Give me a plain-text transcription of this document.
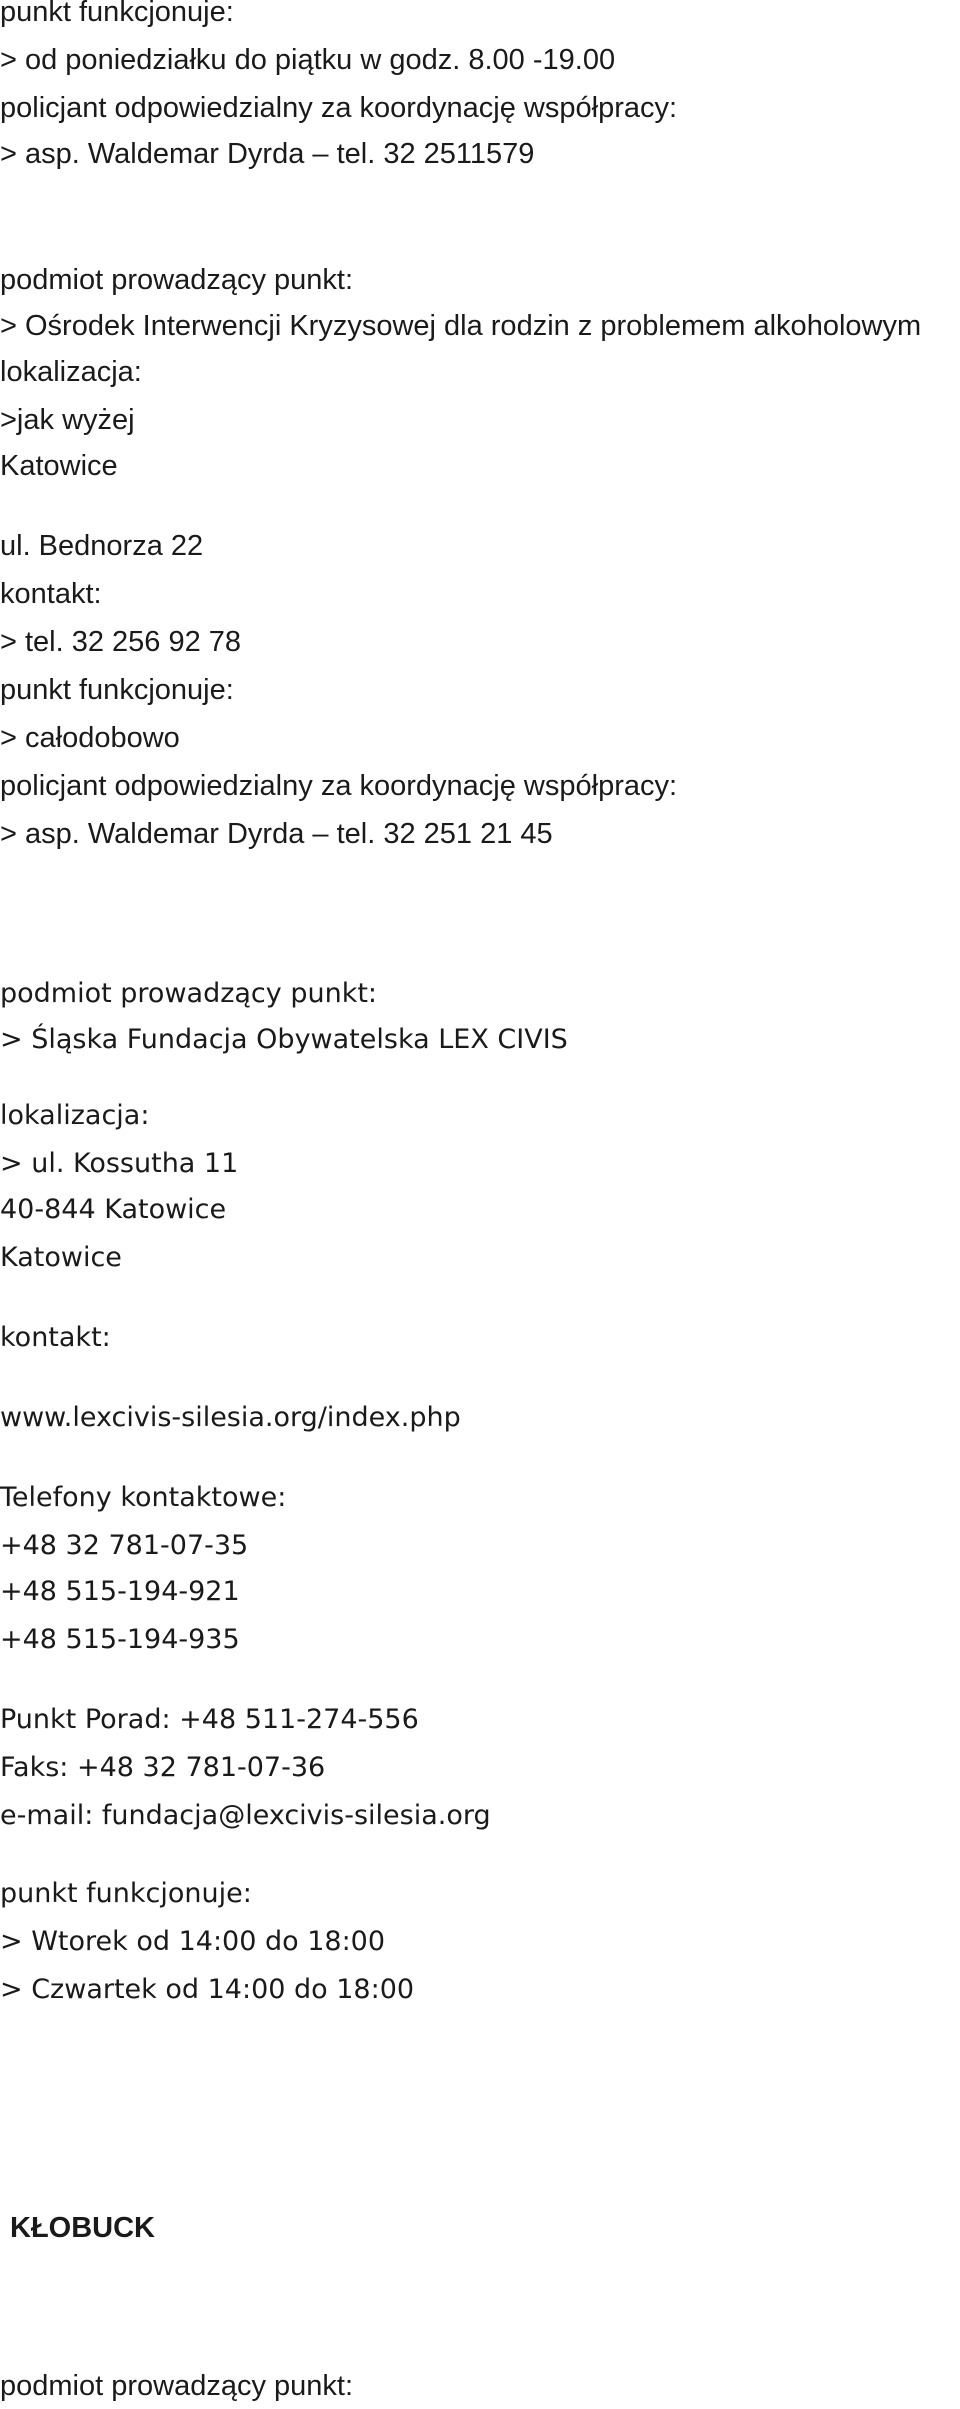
punkt funkcjonuje:
> od poniedziałku do piątku w godz. 8.00 -19.00
policjant odpowiedzialny za koordynację współpracy:
> asp. Waldemar Dyrda – tel. 32 2511579
podmiot prowadzący punkt:
> Ośrodek Interwencji Kryzysowej dla rodzin z problemem alkoholowym
lokalizacja:
>jak wyżej
Katowice
ul. Bednorza 22
kontakt:
> tel. 32 256 92 78
punkt funkcjonuje:
> całodobowo
policjant odpowiedzialny za koordynację współpracy:
> asp. Waldemar Dyrda – tel. 32 251 21 45
podmiot prowadzący punkt:
> Śląska Fundacja Obywatelska LEX CIVIS
lokalizacja:
> ul. Kossutha 11
40-844 Katowice
Katowice
kontakt:
www.lexcivis-silesia.org/index.php
Telefony kontaktowe:
+48 32 781-07-35
+48 515-194-921
+48 515-194-935
Punkt Porad: +48 511-274-556
Faks: +48 32 781-07-36
e-mail: fundacja@lexcivis-silesia.org
punkt funkcjonuje:
> Wtorek od 14:00 do 18:00
> Czwartek od 14:00 do 18:00
KŁOBUCK
podmiot prowadzący punkt:
